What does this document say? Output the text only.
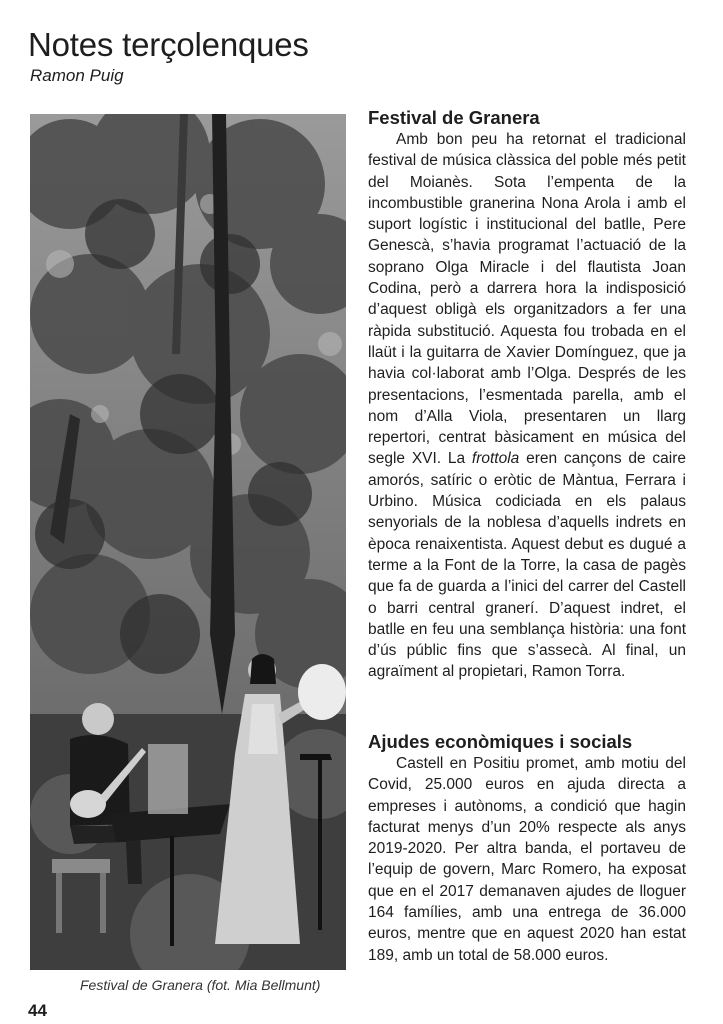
Notes terçolenques
Ramon Puig
Festival de Granera (fot. Mia Bellmunt)
44
Festival de Granera

Amb bon peu ha retornat el tradicional festival de música clàssica del poble més petit del Moianès. Sota l’empenta de la incombustible granerina Nona Arola i amb el suport logístic i institucional del batlle, Pere Genescà, s’havia programat l’actuació de la soprano Olga Miracle i del flautista Joan Codina, però a darrera hora la indisposició d’aquest obligà els organitzadors a fer una ràpida substitució. Aquesta fou trobada en el llaüt i la guitarra de Xavier Domínguez, que ja havia col·laborat amb l’Olga. Després de les presentacions, l’esmentada parella, amb el nom d’Alla Viola, presentaren un llarg repertori, centrat bàsicament en música del segle XVI. La frottola eren cançons de caire amorós, satíric o eròtic de Màntua, Ferrara i Urbino. Música codiciada en els palaus senyorials de la noblesa d’aquells indrets en època renaixentista. Aquest debut es dugué a terme a la Font de la Torre, la casa de pagès que fa de guarda a l’inici del carrer del Castell o barri central granerí. D’aquest indret, el batlle en feu una semblança història: una font d’ús públic fins que s’assecà. Al final, un agraïment al propietari, Ramon Torra.

Ajudes econòmiques i socials

Castell en Positiu promet, amb motiu del Covid, 25.000 euros en ajuda directa a empreses i autònoms, a condició que hagin facturat menys d’un 20% respecte als anys 2019-2020. Per altra banda, el portaveu de l’equip de govern, Marc Romero, ha exposat que en el 2017 demanaven ajudes de lloguer 164 famílies, amb una entrega de 36.000 euros, mentre que en aquest 2020 han estat 189, amb un total de 58.000 euros.
